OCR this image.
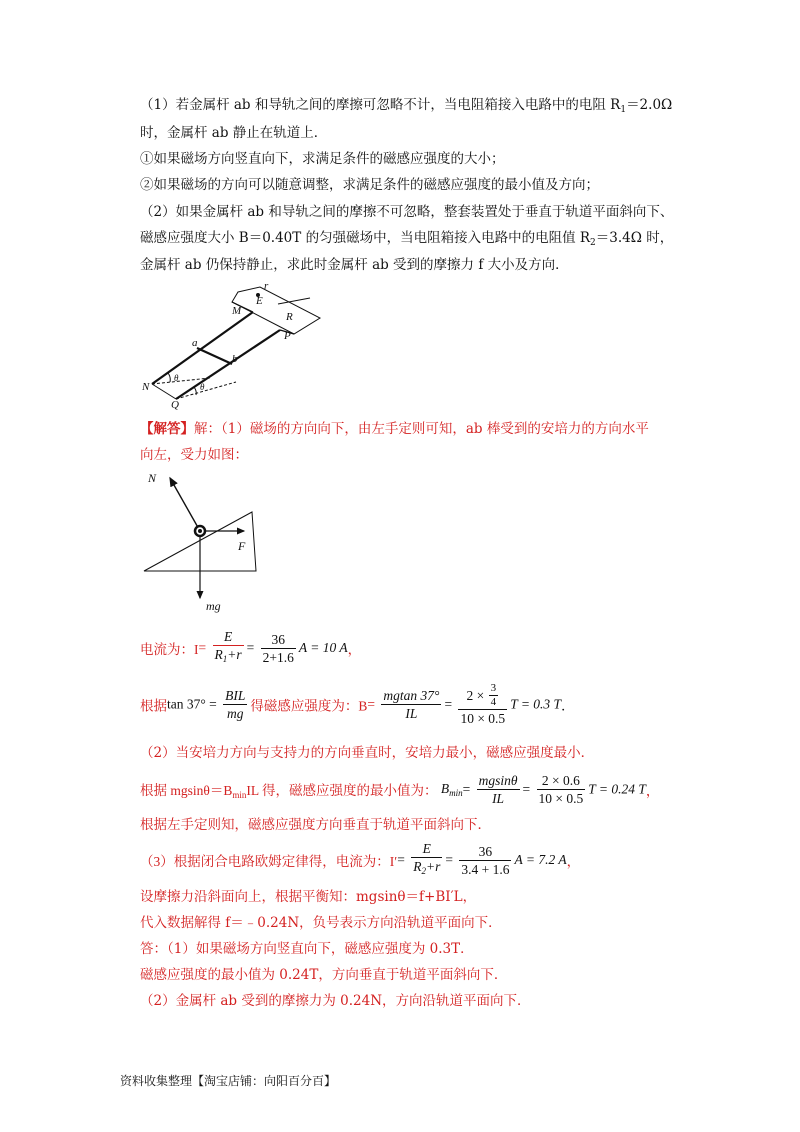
（1）若金属杆 ab 和导轨之间的摩擦可忽略不计，当电阻箱接入电路中的电阻 $R_1=2.0\Omega$
时，金属杆 ab 静止在轨道上．
①如果磁场方向竖直向下，求满足条件的磁感应强度的大小；
②如果磁场的方向可以随意调整，求满足条件的磁感应强度的最小值及方向；
（2）如果金属杆 ab 和导轨之间的摩擦不可忽略，整套装置处于垂直于轨道平面斜向下、
磁感应强度大小 B＝0.40T 的匀强磁场中，当电阻箱接入电路中的电阻值 $R_2=3.4\Omega$ 时，
金属杆 ab 仍保持静止，求此时金属杆 ab 受到的摩擦力 f 大小及方向．
E
r
M	R
P
a
b
N
Q
θ
θ
【解答】解：（1）磁场的方向向下，由左手定则可知，ab 棒受到的安培力的方向水平
向左，受力如图：
N
F
mg
电流为：$I= \frac{E}{R_1+r} = \frac{36}{2+1.6}$ A = 10 A，
根据$\tan 37^\circ = \frac{\text{BIL}}{mg}$ 得磁感应强度为：$B= \frac{mgtan 37^\circ}{IL} = \frac{2 \times \frac{3}{4}}{10 \times 0.5}$ T = 0.3 T．
（2）当安培力方向与支持力的方向垂直时，安培力最小，磁感应强度最小．
根据 $mgsin\theta=B_{min}IL$ 得，磁感应强度的最小值为： $B_{min}= \frac{mgsin\theta}{IL} = \frac{2 \times 0.6}{10 \times 0.5}$ T = 0.24 T，
根据左手定则知，磁感应强度方向垂直于轨道平面斜向下．
（3）根据闭合电路欧姆定律得，电流为：$I'= \frac{E}{R_2+r} = \frac{36}{3.4 + 1.6}$ A = 7.2 A，
设摩擦力沿斜面向上，根据平衡知：mgsinθ＝f+BI′L，
代入数据解得 f＝﹣0.24N，负号表示方向沿轨道平面向下．
答：（1）如果磁场方向竖直向下，磁感应强度为 0.3T．
磁感应强度的最小值为 0.24T，方向垂直于轨道平面斜向下．
（2）金属杆 ab 受到的摩擦力为 0.24N，方向沿轨道平面向下．
资料收集整理【淘宝店铺：向阳百分百】
